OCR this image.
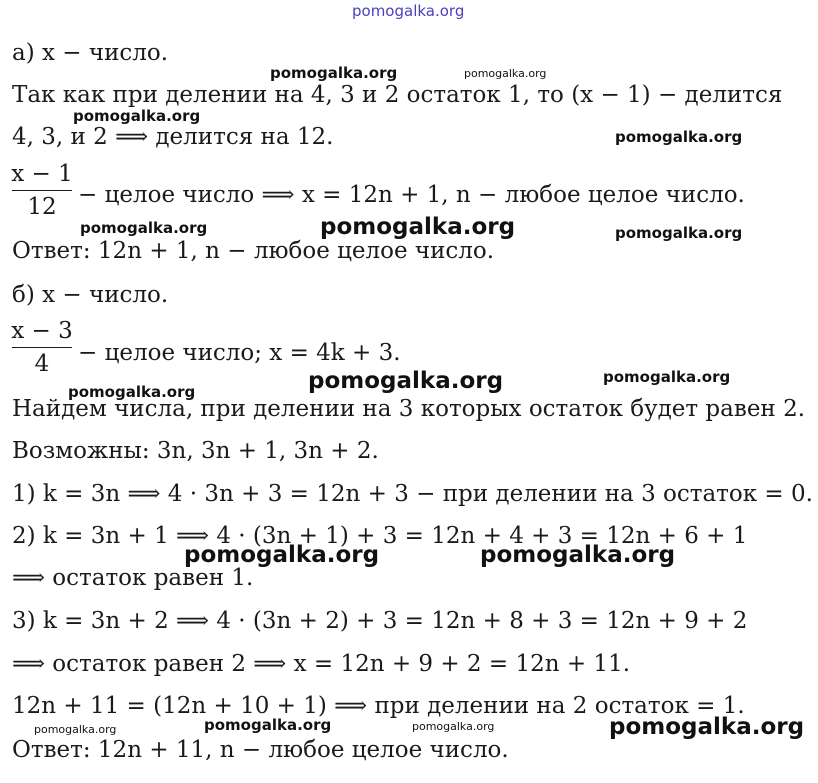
pomogalka.org
а) x − число.
Так как при делении на 4, 3 и 2 остаток 1, то (x − 1) − делится
4, 3, и 2 ⟹ делится на 12.
x − 1
12 − целое число ⟹ x = 12n + 1, n − любое целое число.
Ответ: 12n + 1, n − любое целое число.
б) x − число.
x − 3
4	− целое число; x = 4k + 3.
Найдем числа, при делении на 3 которых остаток будет равен 2.
Возможны: 3n, 3n + 1, 3n + 2.
1) k = 3n ⟹ 4 · 3n + 3 = 12n + 3 − при делении на 3 остаток = 0.
2) k = 3n + 1 ⟹ 4 · (3n + 1) + 3 = 12n + 4 + 3 = 12n + 6 + 1
⟹ остаток равен 1.
3) k = 3n + 2 ⟹ 4 · (3n + 2) + 3 = 12n + 8 + 3 = 12n + 9 + 2
⟹ остаток равен 2 ⟹ x = 12n + 9 + 2 = 12n + 11.
12n + 11 = (12n + 10 + 1) ⟹ при делении на 2 остаток = 1.
Ответ: 12n + 11, n − любое целое число.
pomogalka.org	pomogalka.org
pomogalka.org
pomogalka.org
pomogalka.org	pomogalka.org	pomogalka.org
pomogalka.org	pomogalka.org
pomogalka.org
pomogalka.org	pomogalka.org
pomogalka.org	pomogalka.org	pomogalka.org	pomogalka.org
